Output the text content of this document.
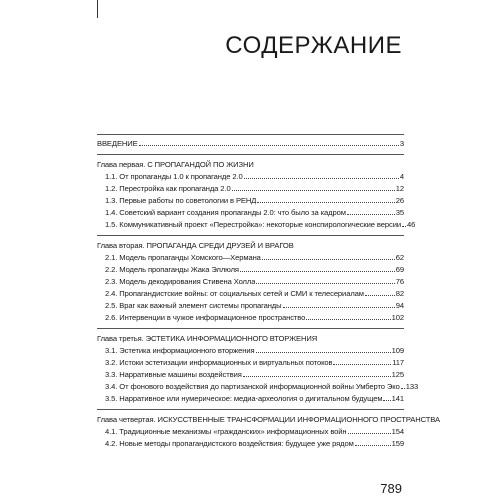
СОДЕРЖАНИЕ
ВВЕДЕНИЕ	3
Глава первая. С ПРОПАГАНДОЙ ПО ЖИЗНИ
1.1. От пропаганды 1.0 к пропаганде 2.0	4
1.2. Перестройка как пропаганда 2.0	12
1.3. Первые работы по советологии в РЕНД	26
1.4. Советский вариант создания пропаганды 2.0: что было за кадром	35
1.5. Коммуникативный проект «Перестройка»: некоторые конспирологические версии 46
Глава вторая. ПРОПАГАНДА СРЕДИ ДРУЗЕЙ И ВРАГОВ
2.1. Модель пропаганды Хомского—Хермана	62
2.2. Модель пропаганды Жака Эллюля	69
2.3. Модель декодирования Стивена Холла	76
2.4. Пропагандистские войны: от социальных сетей и СМИ к телесериалам	82
2.5. Враг как важный элемент системы пропаганды	94
2.6. Интервенции в чужое информационное пространство	102
Глава третья. ЭСТЕТИКА ИНФОРМАЦИОННОГО ВТОРЖЕНИЯ
3.1. Эстетика информационного вторжения	109
3.2. Истоки эстетизации информационных и виртуальных потоков	117
3.3. Нарративные машины воздействия	125
3.4. От фонового воздействия до партизанской информационной войны Умберто Эко 133
3.5. Нарративное или нумерическое: медиа-археология о дигитальном будущем 141
Глава четвертая. ИСКУССТВЕННЫЕ ТРАНСФОРМАЦИИ ИНФОРМАЦИОННОГО ПРОСТРАНСТВА
4.1. Традиционные механизмы «гражданских» информационных войн	154
4.2. Новые методы пропагандистского воздействия: будущее уже рядом	159
789
